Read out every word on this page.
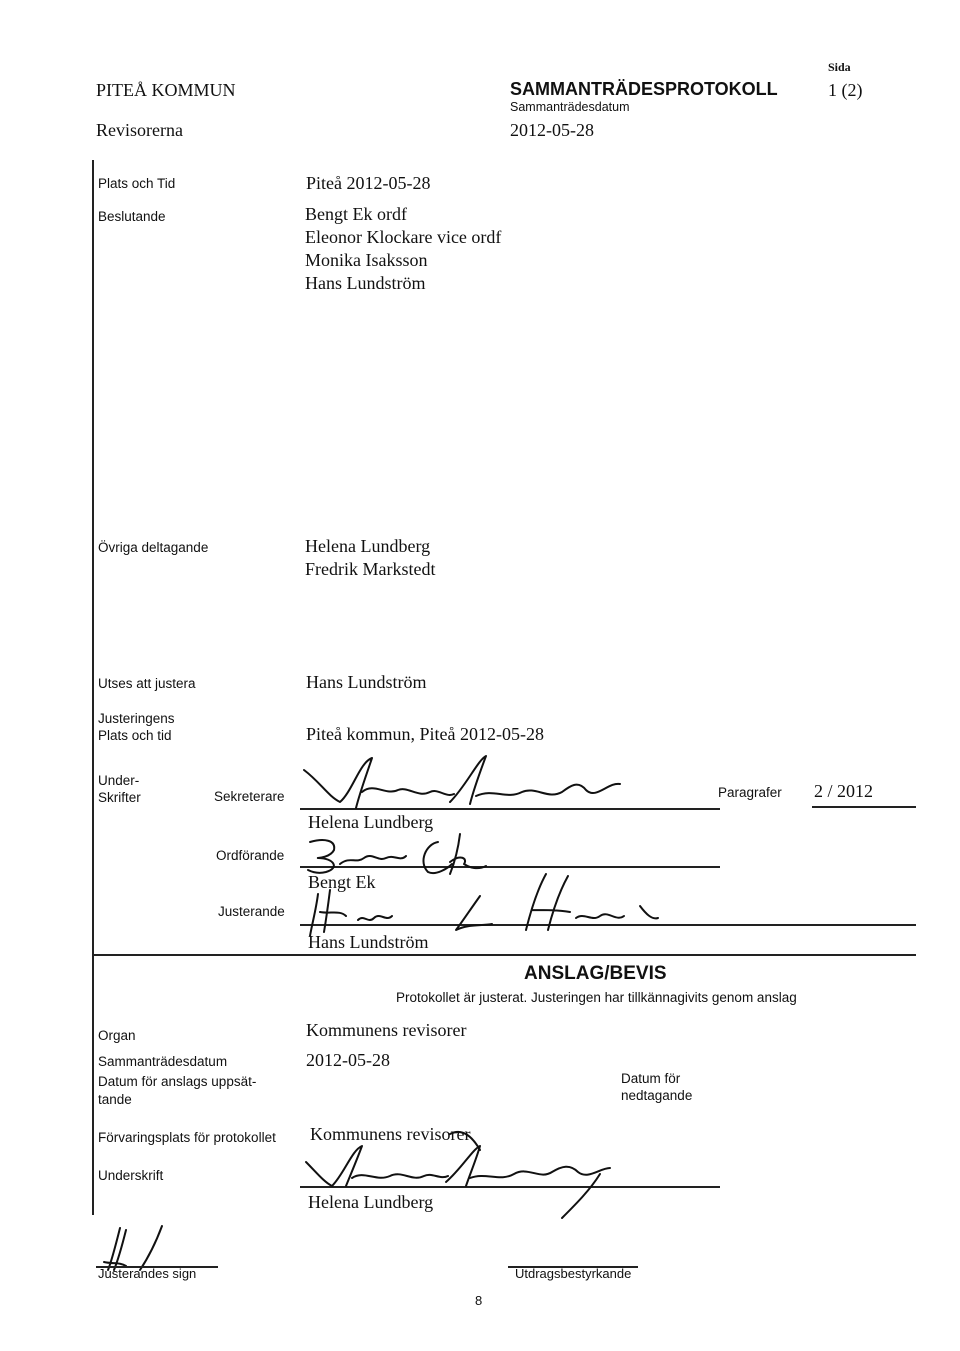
PITEÅ KOMMUN
Revisorerna
SAMMANTRÄDESPROTOKOLL
Sammanträdesdatum
2012-05-28
Sida
1 (2)
Plats och Tid	Piteå 2012-05-28
Beslutande	Bengt Ek ordf
Eleonor Klockare vice ordf
Monika Isaksson
Hans Lundström
Övriga deltagande	Helena Lundberg
Fredrik Markstedt
Utses att justera	Hans Lundström
Justeringens
Plats och tid	Piteå kommun, Piteå 2012-05-28
Under-
Skrifter	Sekreterare
Helena Lundberg
Paragrafer 2 / 2012
Ordförande
Bengt Ek
Justerande
Hans Lundström
ANSLAG/BEVIS
Protokollet är justerat. Justeringen har tillkännagivits genom anslag
Organ	Kommunens revisorer
Sammanträdesdatum	2012-05-28
Datum för anslags uppsät-
tande
Datum för
nedtagande
Förvaringsplats för protokollet Kommunens revisorer
Underskrift
Helena Lundberg
Justerandes sign	Utdragsbestyrkande
8
